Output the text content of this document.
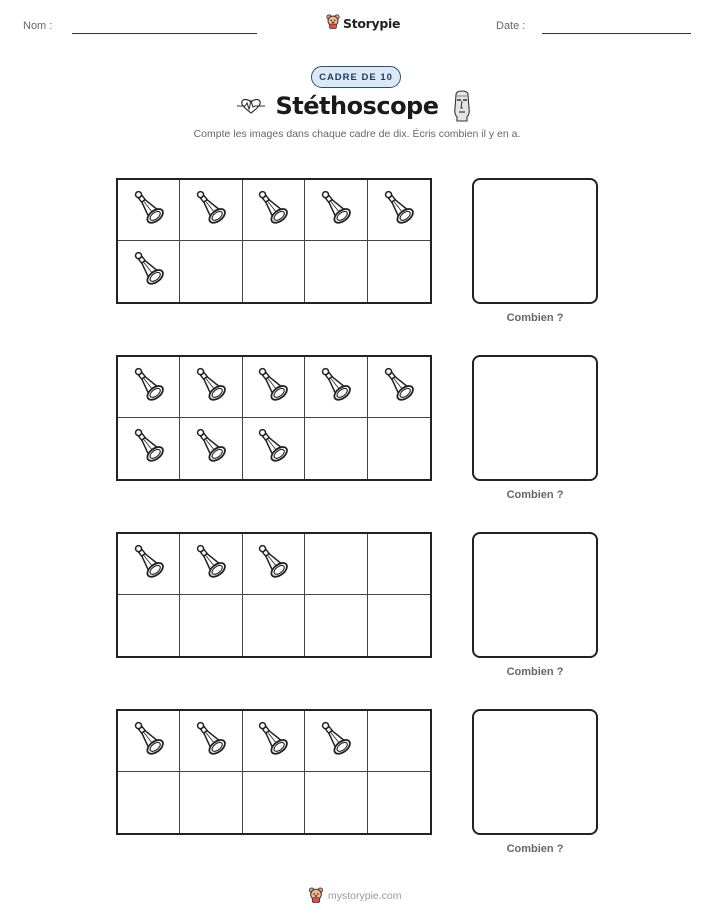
Nom :	Storypie	Date :
CADRE DE 10
Stéthoscope
Compte les images dans chaque cadre de dix. Écris combien il y en a.
Combien ?
Combien ?
Combien ?
Combien ?
mystorypie.com
